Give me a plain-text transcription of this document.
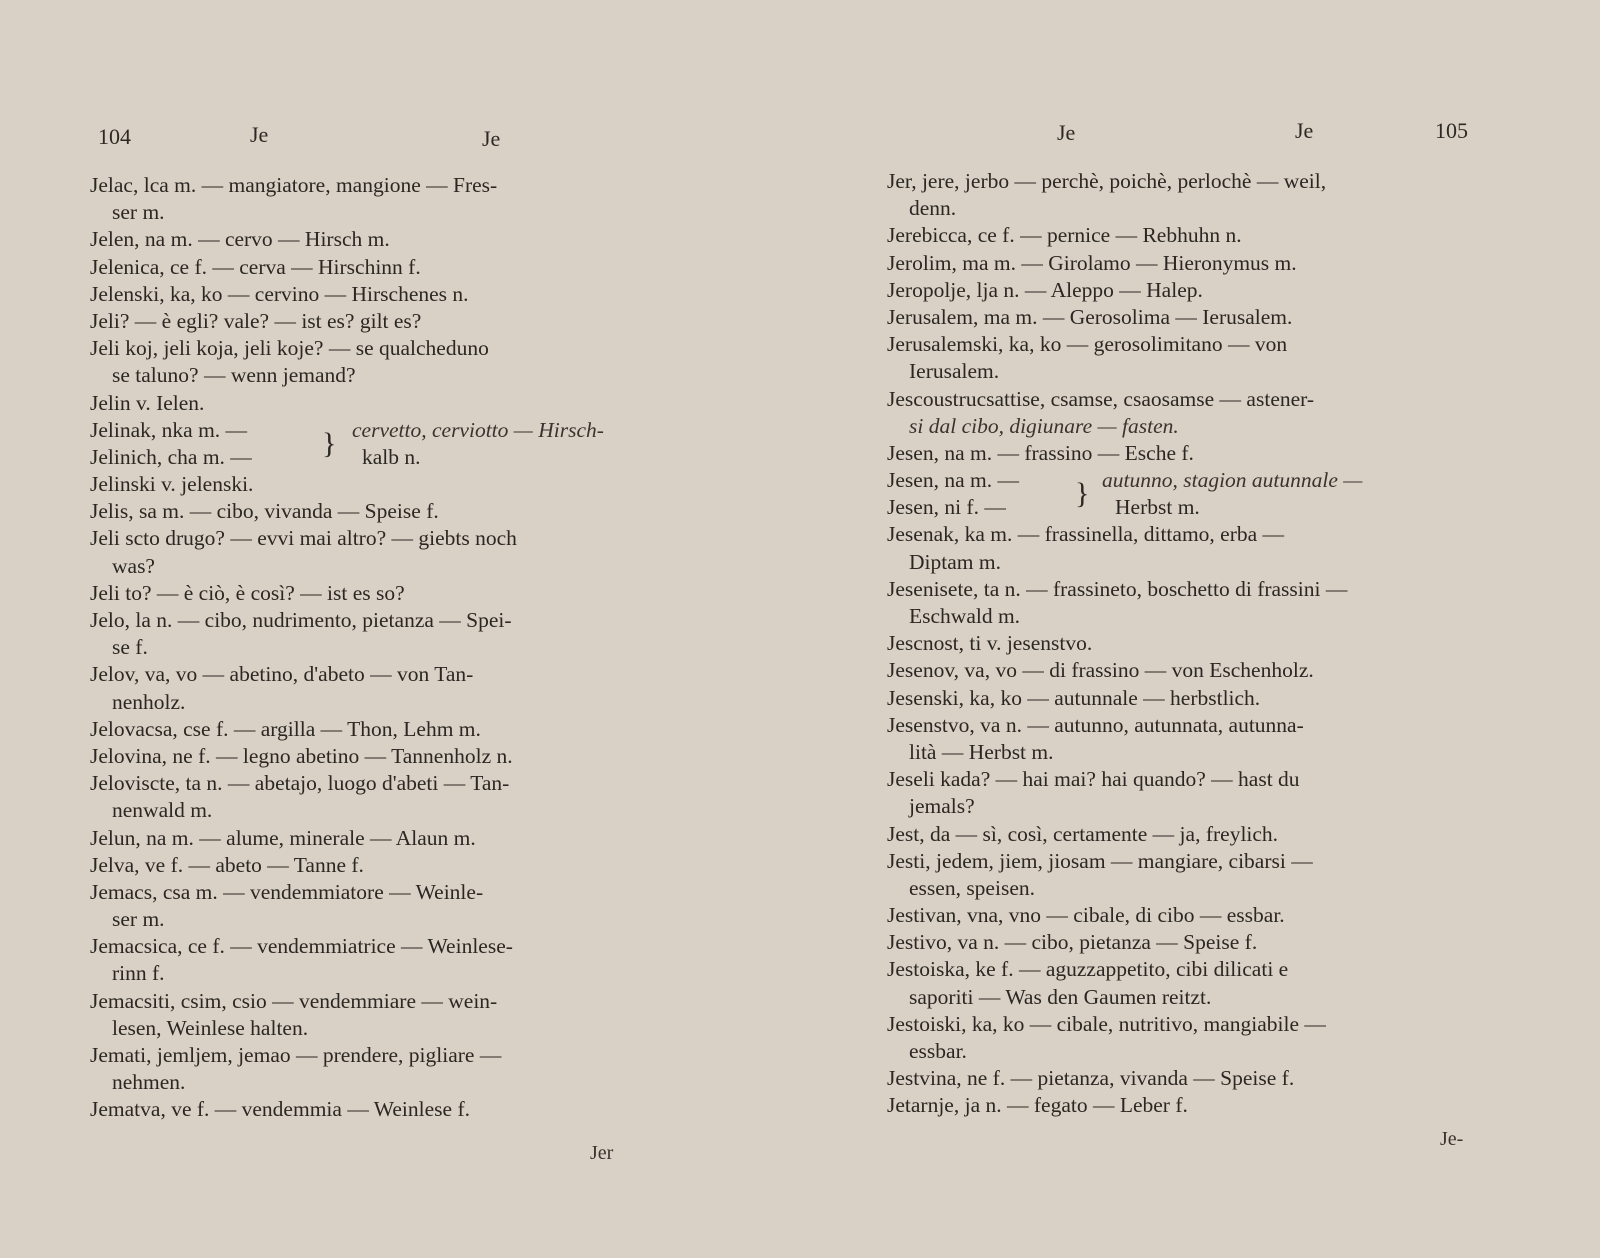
104	Je	Je
Jelac, lca m. — mangiatore, mangione — Fres-
ser m.
Jelen, na m. — cervo — Hirsch m.
Jelenica, ce f. — cerva — Hirschinn f.
Jelenski, ka, ko — cervino — Hirschenes n.
Jeli? — è egli? vale? — ist es? gilt es?
Jeli koj, jeli koja, jeli koje? — se qualcheduno
se taluno? — wenn jemand?
Jelin v. Ielen.
Jelinak, nka m. —
Jelinich, cha m. — } cervetto, cerviotto — Hirsch-
kalb n.
Jelinski v. jelenski.
Jelis, sa m. — cibo, vivanda — Speise f.
Jeli scto drugo? — evvi mai altro? — giebts noch
was?
Jeli to? — è ciò, è così? — ist es so?
Jelo, la n. — cibo, nudrimento, pietanza — Spei-
se f.
Jelov, va, vo — abetino, d'abeto — von Tan-
nenholz.
Jelovacsa, cse f. — argilla — Thon, Lehm m.
Jelovina, ne f. — legno abetino — Tannenholz n.
Jeloviscte, ta n. — abetajo, luogo d'abeti — Tan-
nenwald m.
Jelun, na m. — alume, minerale — Alaun m.
Jelva, ve f. — abeto — Tanne f.
Jemacs, csa m. — vendemmiatore — Weinle-
ser m.
Jemacsica, ce f. — vendemmiatrice — Weinlese-
rinn f.
Jemacsiti, csim, csio — vendemmiare — wein-
lesen, Weinlese halten.
Jemati, jemljem, jemao — prendere, pigliare —
nehmen.
Jematva, ve f. — vendemmia — Weinlese f.
Jer
Je	Je	105
Jer, jere, jerbo — perchè, poichè, perlochè — weil,
denn.
Jerebicca, ce f. — pernice — Rebhuhn n.
Jerolim, ma m. — Girolamo — Hieronymus m.
Jeropolje, lja n. — Aleppo — Halep.
Jerusalem, ma m. — Gerosolima — Ierusalem.
Jerusalemski, ka, ko — gerosolimitano — von
Ierusalem.
Jescoustrucsattise, csamse, csaosamse — astener-
si dal cibo, digiunare — fasten.
Jesen, na m. — frassino — Esche f.
Jesen, na m. —
Jesen, ni f. — } autunno, stagion autunnale —
Herbst m.
Jesenak, ka m. — frassinella, dittamo, erba —
Diptam m.
Jesenisete, ta n. — frassineto, boschetto di frassini —
Eschwald m.
Jescnost, ti v. jesenstvo.
Jesenov, va, vo — di frassino — von Eschenholz.
Jesenski, ka, ko — autunnale — herbstlich.
Jesenstvo, va n. — autunno, autunnata, autunna-
lità — Herbst m.
Jeseli kada? — hai mai? hai quando? — hast du
jemals?
Jest, da — sì, così, certamente — ja, freylich.
Jesti, jedem, jiem, jiosam — mangiare, cibarsi —
essen, speisen.
Jestivan, vna, vno — cibale, di cibo — essbar.
Jestivo, va n. — cibo, pietanza — Speise f.
Jestoiska, ke f. — aguzzappetito, cibi dilicati e
saporiti — Was den Gaumen reitzt.
Jestoiski, ka, ko — cibale, nutritivo, mangiabile —
essbar.
Jestvina, ne f. — pietanza, vivanda — Speise f.
Jetarnje, ja n. — fegato — Leber f.
Je-
